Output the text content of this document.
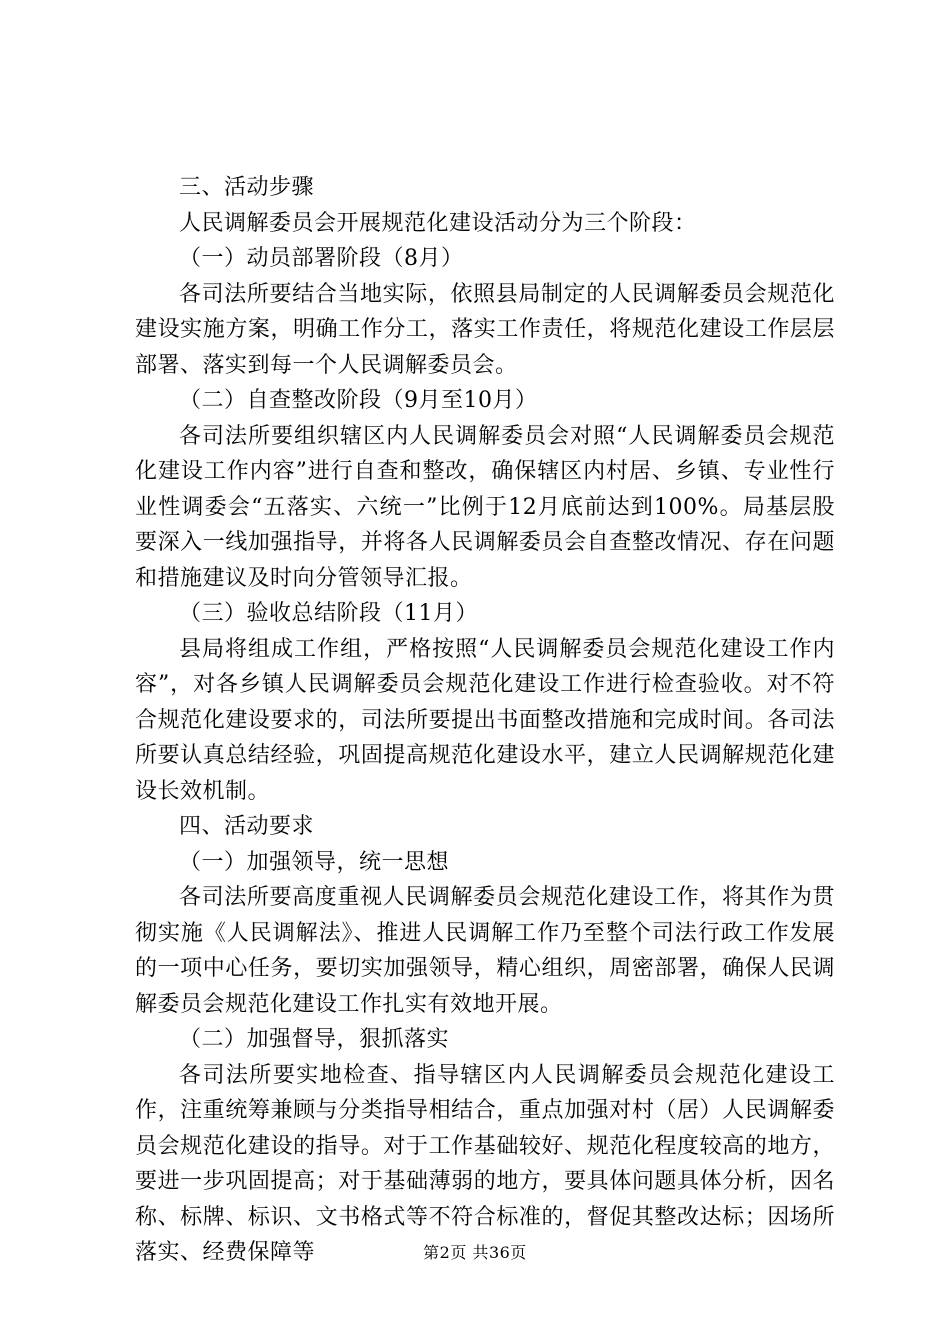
三、活动步骤

人民调解委员会开展规范化建设活动分为三个阶段：

（一）动员部署阶段（8月）

各司法所要结合当地实际，依照县局制定的人民调解委员会规范化建设实施方案，明确工作分工，落实工作责任，将规范化建设工作层层部署、落实到每一个人民调解委员会。

（二）自查整改阶段（9月至10月）

各司法所要组织辖区内人民调解委员会对照“人民调解委员会规范化建设工作内容”进行自查和整改，确保辖区内村居、乡镇、专业性行业性调委会“五落实、六统一”比例于12月底前达到100%。局基层股要深入一线加强指导，并将各人民调解委员会自查整改情况、存在问题和措施建议及时向分管领导汇报。

（三）验收总结阶段（11月）

县局将组成工作组，严格按照“人民调解委员会规范化建设工作内容”，对各乡镇人民调解委员会规范化建设工作进行检查验收。对不符合规范化建设要求的，司法所要提出书面整改措施和完成时间。各司法所要认真总结经验，巩固提高规范化建设水平，建立人民调解规范化建设长效机制。

四、活动要求

（一）加强领导，统一思想

各司法所要高度重视人民调解委员会规范化建设工作，将其作为贯彻实施《人民调解法》、推进人民调解工作乃至整个司法行政工作发展的一项中心任务，要切实加强领导，精心组织，周密部署，确保人民调解委员会规范化建设工作扎实有效地开展。

（二）加强督导，狠抓落实

各司法所要实地检查、指导辖区内人民调解委员会规范化建设工作，注重统筹兼顾与分类指导相结合，重点加强对村（居）人民调解委员会规范化建设的指导。对于工作基础较好、规范化程度较高的地方，要进一步巩固提高；对于基础薄弱的地方，要具体问题具体分析，因名称、标牌、标识、文书格式等不符合标准的，督促其整改达标；因场所落实、经费保障等	第2页 共36页
